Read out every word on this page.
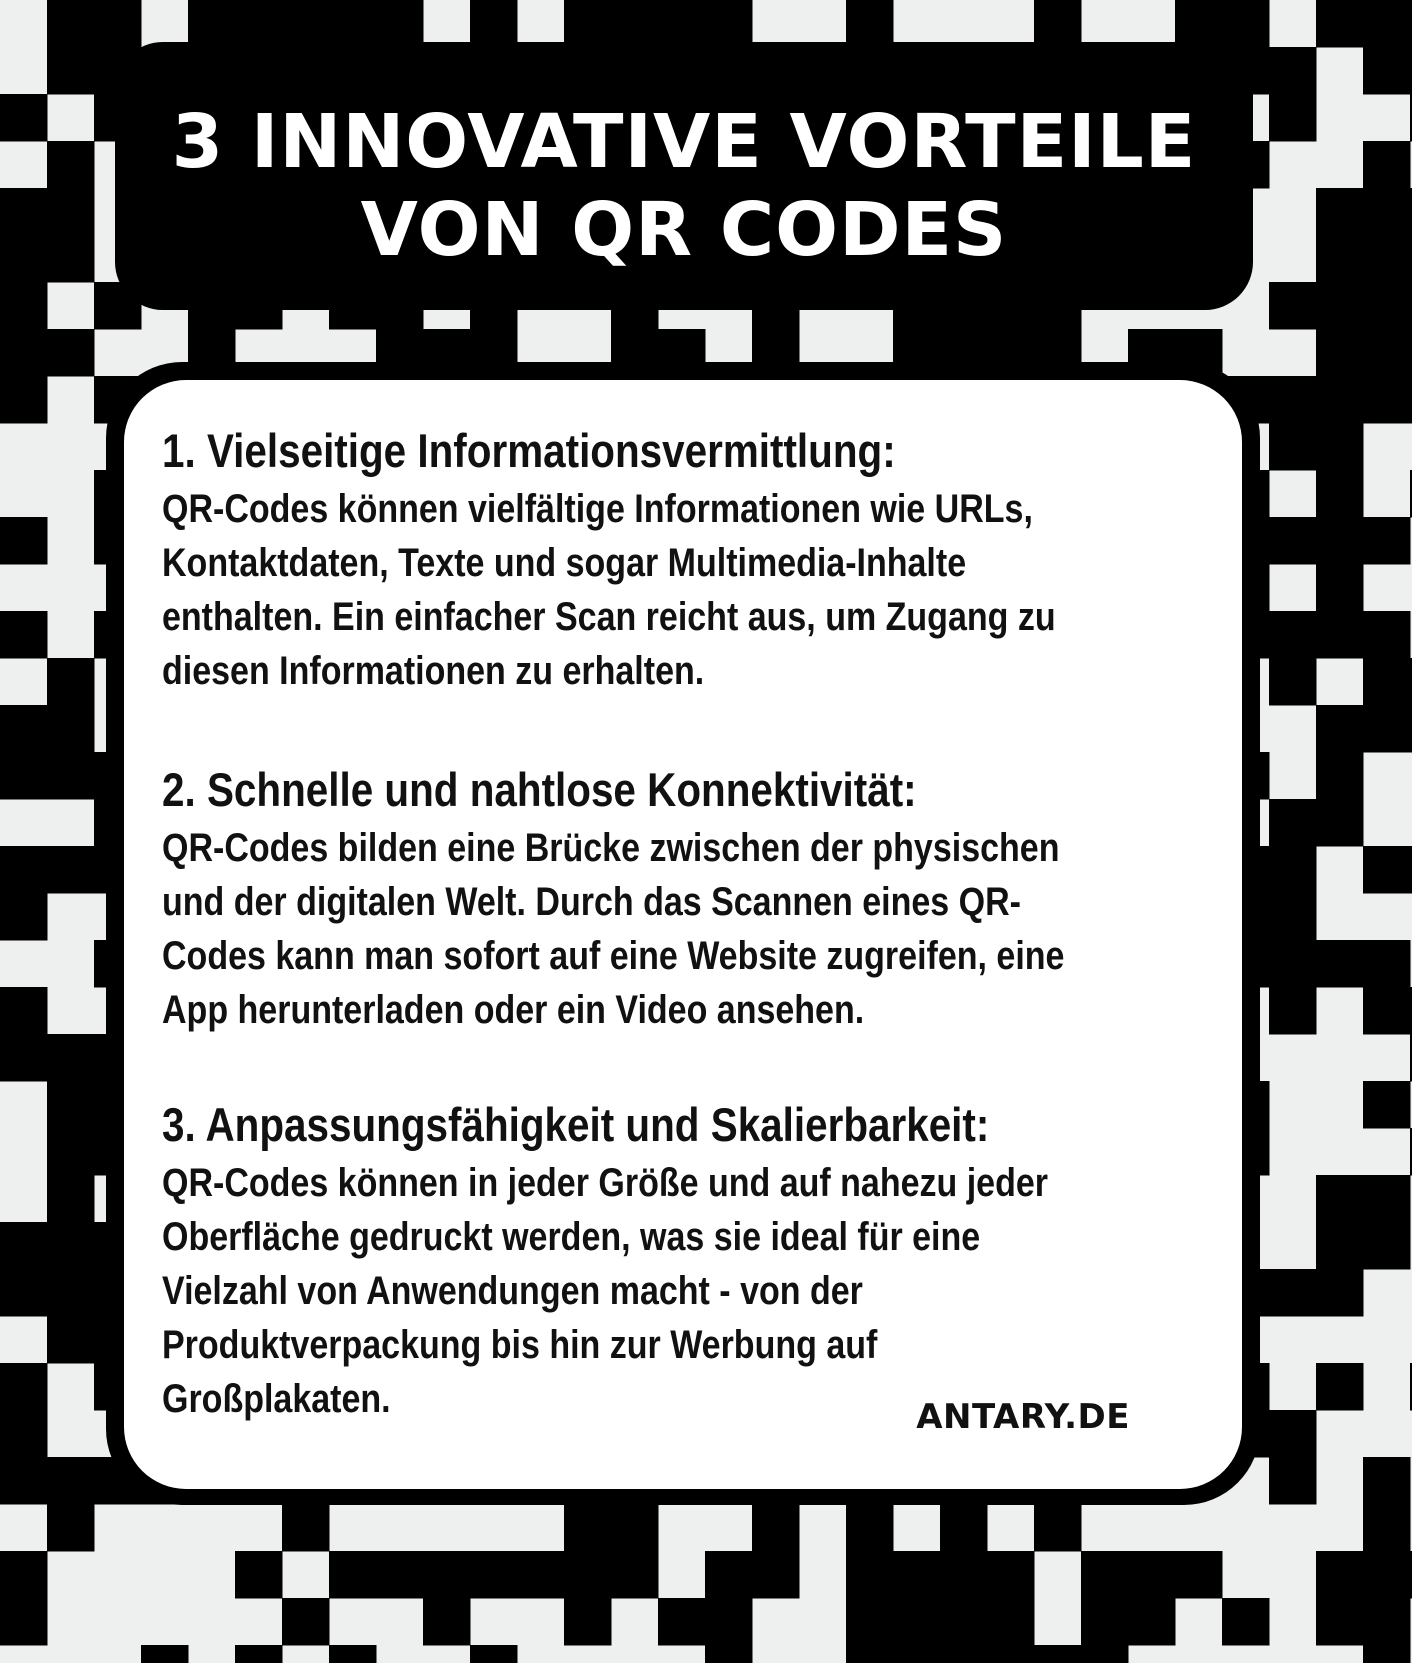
3 INNOVATIVE VORTEILE
VON QR CODES
1. Vielseitige Informationsvermittlung:
QR-Codes können vielfältige Informationen wie URLs,
Kontaktdaten, Texte und sogar Multimedia-Inhalte
enthalten. Ein einfacher Scan reicht aus, um Zugang zu
diesen Informationen zu erhalten.
2. Schnelle und nahtlose Konnektivität:
QR-Codes bilden eine Brücke zwischen der physischen
und der digitalen Welt. Durch das Scannen eines QR-
Codes kann man sofort auf eine Website zugreifen, eine
App herunterladen oder ein Video ansehen.
3. Anpassungsfähigkeit und Skalierbarkeit:
QR-Codes können in jeder Größe und auf nahezu jeder
Oberfläche gedruckt werden, was sie ideal für eine
Vielzahl von Anwendungen macht - von der
Produktverpackung bis hin zur Werbung auf
Großplakaten.	ANTARY.DE
